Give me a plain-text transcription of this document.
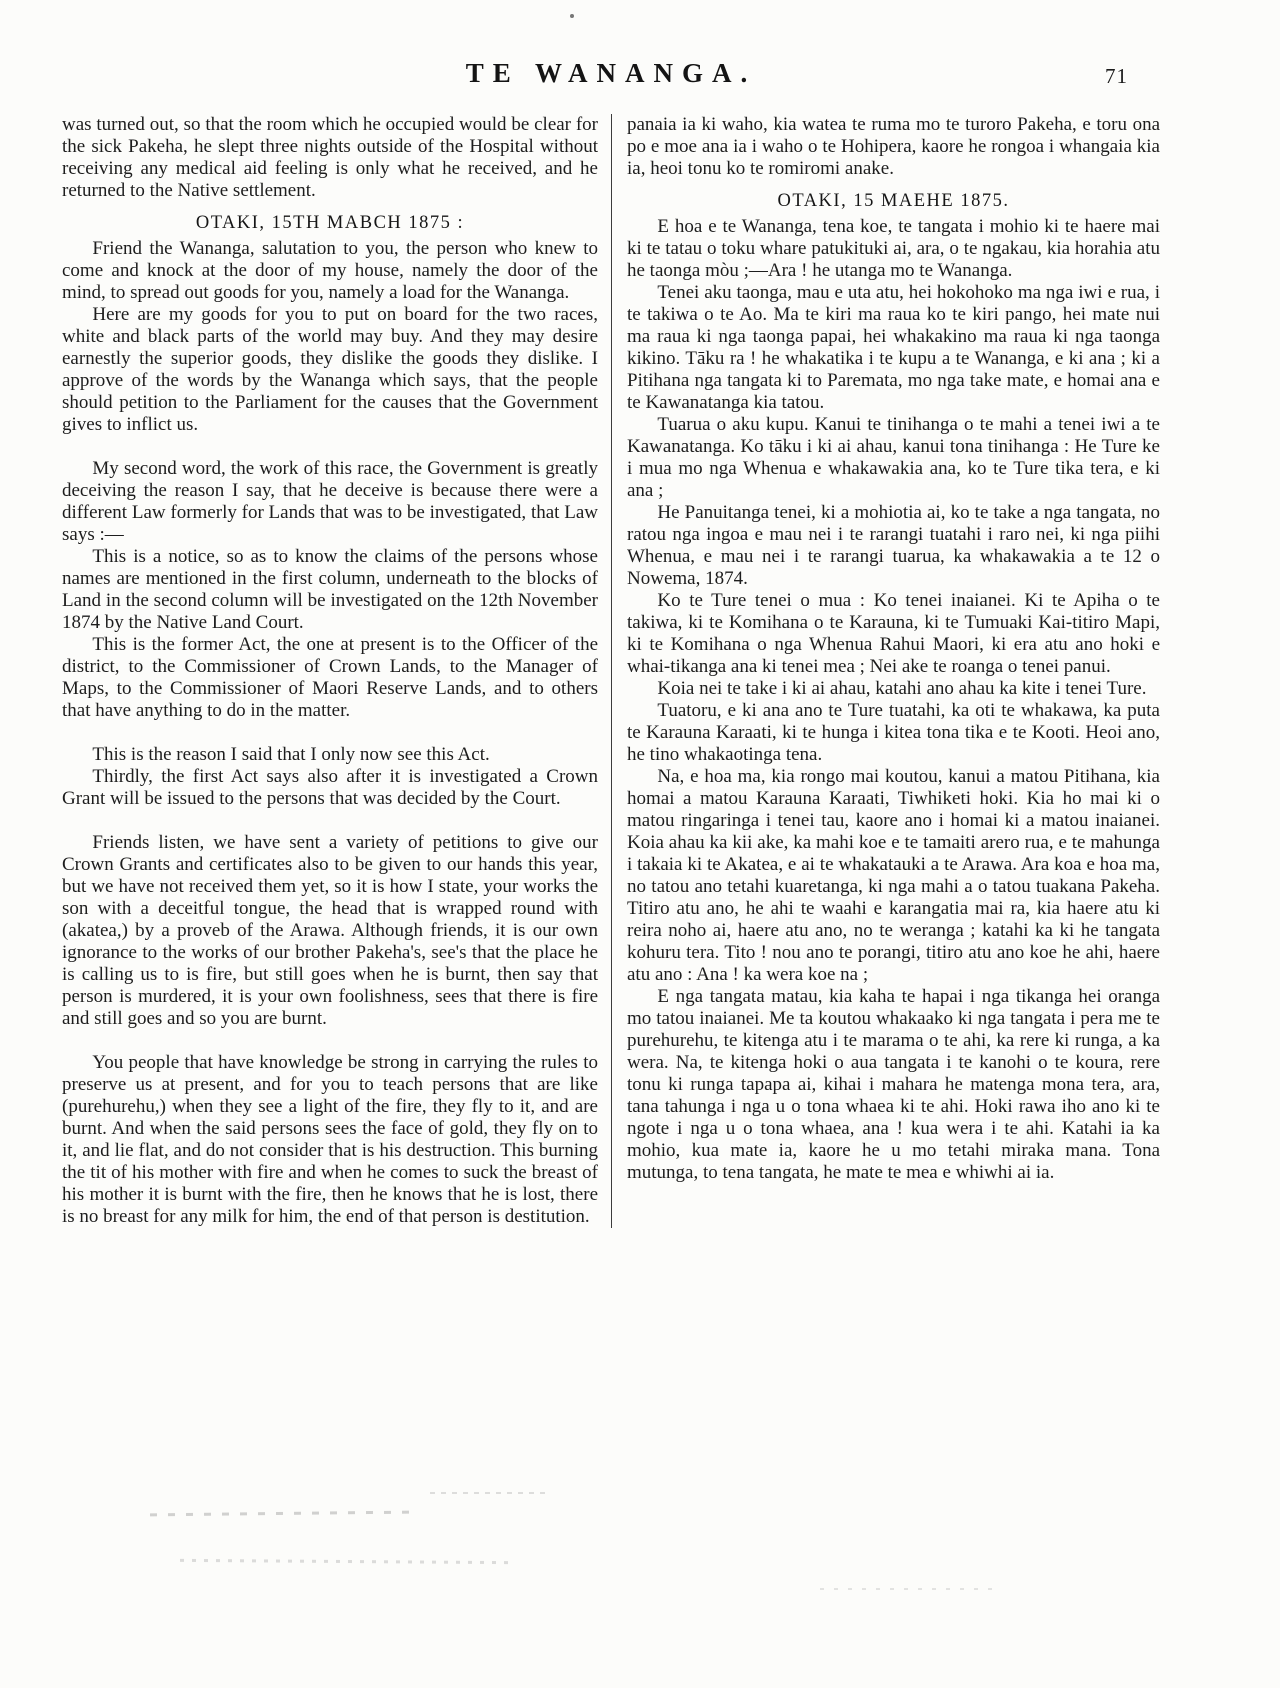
TE WANANGA.	71

was turned out, so that the room which he occupied would be clear for the sick Pakeha, he slept three nights outside of the Hospital without receiving any medical aid feeling is only what he received, and he returned to the Native settlement.

OTAKI, 15TH MABCH 1875 :

Friend the Wananga, salutation to you, the person who knew to come and knock at the door of my house, namely the door of the mind, to spread out goods for you, namely a load for the Wananga.

Here are my goods for you to put on board for the two races, white and black parts of the world may buy. And they may desire earnestly the superior goods, they dislike the goods they dislike. I approve of the words by the Wananga which says, that the people should petition to the Parliament for the causes that the Government gives to inflict us.

My second word, the work of this race, the Government is greatly deceiving the reason I say, that he deceive is because there were a different Law formerly for Lands that was to be investigated, that Law says :—

This is a notice, so as to know the claims of the persons whose names are mentioned in the first column, underneath to the blocks of Land in the second column will be investigated on the 12th November 1874 by the Native Land Court.

This is the former Act, the one at present is to the Officer of the district, to the Commissioner of Crown Lands, to the Manager of Maps, to the Commissioner of Maori Reserve Lands, and to others that have anything to do in the matter.

This is the reason I said that I only now see this Act.

Thirdly, the first Act says also after it is investigated a Crown Grant will be issued to the persons that was decided by the Court.

Friends listen, we have sent a variety of petitions to give our Crown Grants and certificates also to be given to our hands this year, but we have not received them yet, so it is how I state, your works the son with a deceitful tongue, the head that is wrapped round with (akatea,) by a proveb of the Arawa. Although friends, it is our own ignorance to the works of our brother Pakeha's, see's that the place he is calling us to is fire, but still goes when he is burnt, then say that person is murdered, it is your own foolishness, sees that there is fire and still goes and so you are burnt.

You people that have knowledge be strong in carrying the rules to preserve us at present, and for you to teach persons that are like (purehurehu,) when they see a light of the fire, they fly to it, and are burnt. And when the said persons sees the face of gold, they fly on to it, and lie flat, and do not consider that is his destruction. This burning the tit of his mother with fire and when he comes to suck the breast of his mother it is burnt with the fire, then he knows that he is lost, there is no breast for any milk for him, the end of that person is destitution.

panaia ia ki waho, kia watea te ruma mo te turoro Pakeha, e toru ona po e moe ana ia i waho o te Hohipera, kaore he rongoa i whangaia kia ia, heoi tonu ko te romiromi anake.

OTAKI, 15 MAEHE 1875.

E hoa e te Wananga, tena koe, te tangata i mohio ki te haere mai ki te tatau o toku whare patukituki ai, ara, o te ngakau, kia horahia atu he taonga mòu ;—Ara ! he utanga mo te Wananga.

Tenei aku taonga, mau e uta atu, hei hokohoko ma nga iwi e rua, i te takiwa o te Ao. Ma te kiri ma raua ko te kiri pango, hei mate nui ma raua ki nga taonga papai, hei whakakino ma raua ki nga taonga kikino. Tāku ra ! he whakatika i te kupu a te Wananga, e ki ana ; ki a Pitihana nga tangata ki to Paremata, mo nga take mate, e homai ana e te Kawanatanga kia tatou.

Tuarua o aku kupu. Kanui te tinihanga o te mahi a tenei iwi a te Kawanatanga. Ko tāku i ki ai ahau, kanui tona tinihanga : He Ture ke i mua mo nga Whenua e whakawakia ana, ko te Ture tika tera, e ki ana ;

He Panuitanga tenei, ki a mohiotia ai, ko te take a nga tangata, no ratou nga ingoa e mau nei i te rarangi tuatahi i raro nei, ki nga piihi Whenua, e mau nei i te rarangi tuarua, ka whakawakia a te 12 o Nowema, 1874.

Ko te Ture tenei o mua : Ko tenei inaianei. Ki te Apiha o te takiwa, ki te Komihana o te Karauna, ki te Tumuaki Kai-titiro Mapi, ki te Komihana o nga Whenua Rahui Maori, ki era atu ano hoki e whai-tikanga ana ki tenei mea ; Nei ake te roanga o tenei panui.

Koia nei te take i ki ai ahau, katahi ano ahau ka kite i tenei Ture.

Tuatoru, e ki ana ano te Ture tuatahi, ka oti te whakawa, ka puta te Karauna Karaati, ki te hunga i kitea tona tika e te Kooti. Heoi ano, he tino whakaotinga tena.

Na, e hoa ma, kia rongo mai koutou, kanui a matou Pitihana, kia homai a matou Karauna Karaati, Tiwhiketi hoki. Kia ho mai ki o matou ringaringa i tenei tau, kaore ano i homai ki a matou inaianei. Koia ahau ka kii ake, ka mahi koe e te tamaiti arero rua, e te mahunga i takaia ki te Akatea, e ai te whakatauki a te Arawa. Ara koa e hoa ma, no tatou ano tetahi kuaretanga, ki nga mahi a o tatou tuakana Pakeha. Titiro atu ano, he ahi te waahi e karangatia mai ra, kia haere atu ki reira noho ai, haere atu ano, no te weranga ; katahi ka ki he tangata kohuru tera. Tito ! nou ano te porangi, titiro atu ano koe he ahi, haere atu ano : Ana ! ka wera koe na ;

E nga tangata matau, kia kaha te hapai i nga tikanga hei oranga mo tatou inaianei. Me ta koutou whakaako ki nga tangata i pera me te purehurehu, te kitenga atu i te marama o te ahi, ka rere ki runga, a ka wera. Na, te kitenga hoki o aua tangata i te kanohi o te koura, rere tonu ki runga tapapa ai, kihai i mahara he matenga mona tera, ara, tana tahunga i nga u o tona whaea ki te ahi. Hoki rawa iho ano ki te ngote i nga u o tona whaea, ana ! kua wera i te ahi. Katahi ia ka mohio, kua mate ia, kaore he u mo tetahi miraka mana. Tona mutunga, to tena tangata, he mate te mea e whiwhi ai ia.
